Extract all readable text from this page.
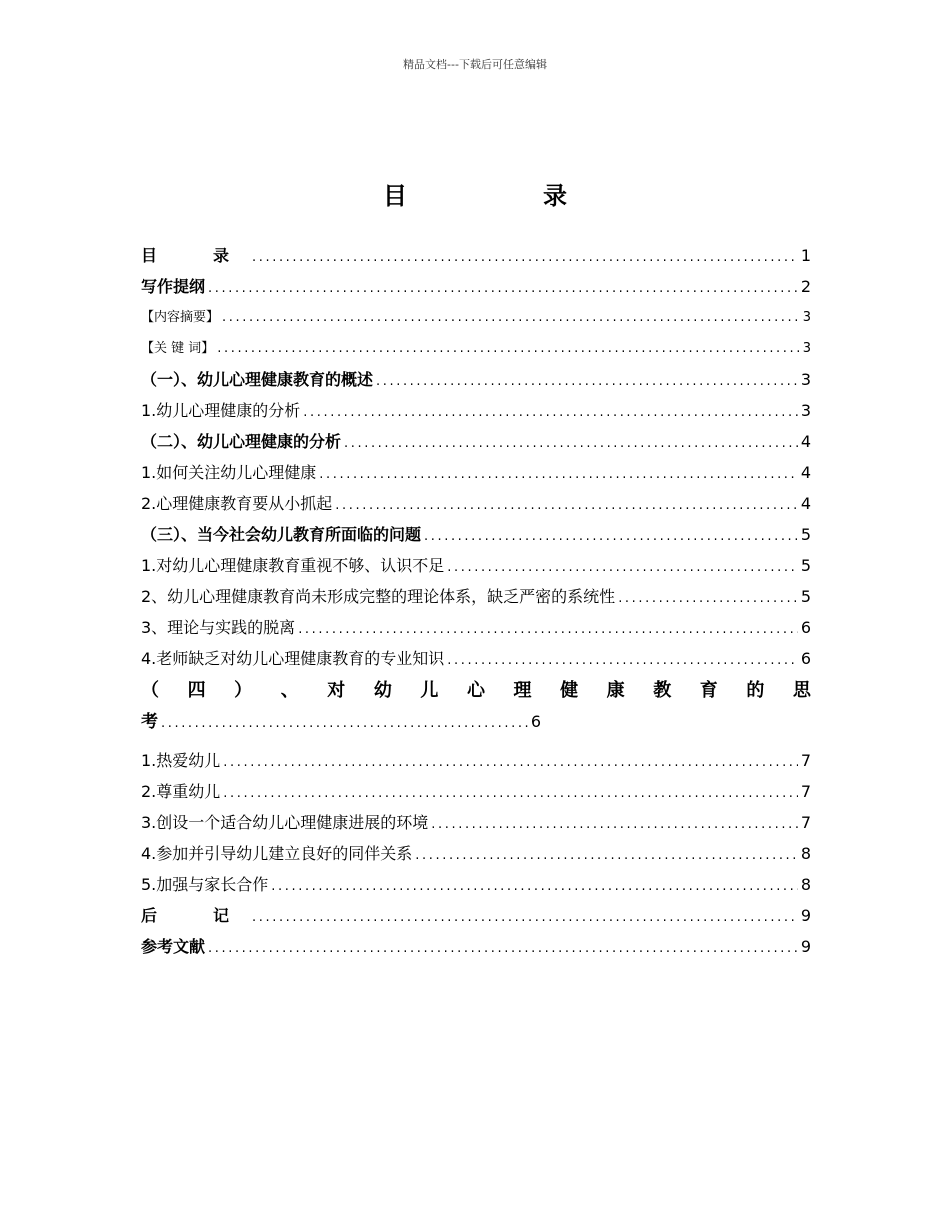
精品文档---下载后可任意编辑
目　录
目　录 .....	1
写作提纲 .....	2
【内容摘要】 .....	3
【关 键 词】 .....	3
（一）、幼儿心理健康教育的概述 .....	3
1.幼儿心理健康的分析 .....	3
（二）、幼儿心理健康的分析 .....	4
1.如何关注幼儿心理健康 .....	4
2.心理健康教育要从小抓起 .....	4
（三）、当今社会幼儿教育所面临的问题 .....	5
1.对幼儿心理健康教育重视不够、认识不足 .....	5
2、幼儿心理健康教育尚未形成完整的理论体系，缺乏严密的系统性 .....	5
3、理论与实践的脱离 .....	6
4.老师缺乏对幼儿心理健康教育的专业知识 .....	6
（ 四 ） 、 对 幼 儿 心 理 健 康 教 育 的 思
考 .....	6
1.热爱幼儿 .....	7
2.尊重幼儿 .....	7
3.创设一个适合幼儿心理健康进展的环境 .....	7
4.参加并引导幼儿建立良好的同伴关系 .....	8
5.加强与家长合作 .....	8
后　记 .....	9
参考文献 .....	9
